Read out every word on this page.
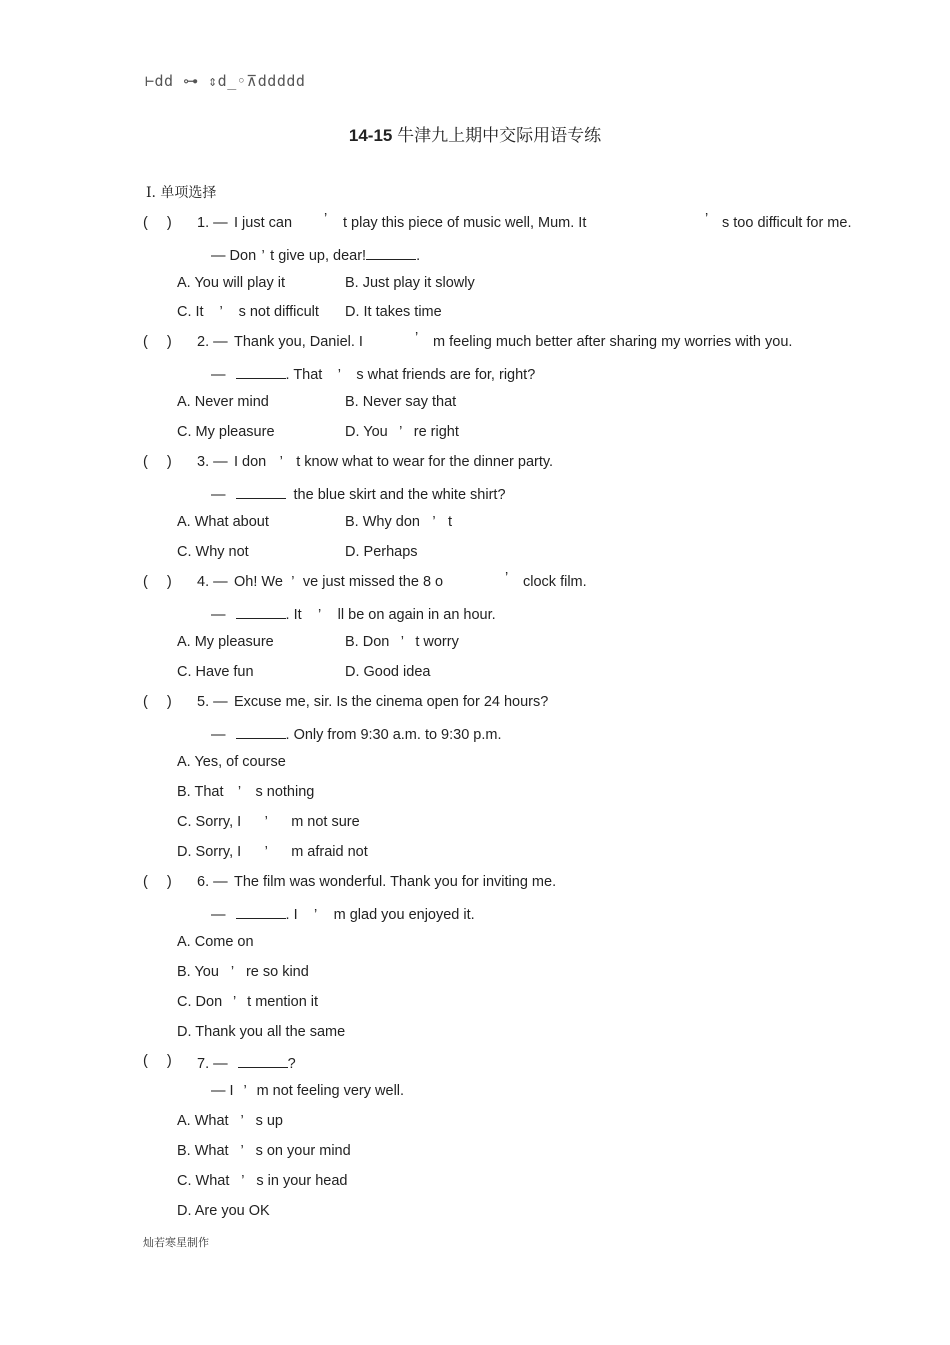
⊢dd ⊶ ⇕d_◦⊼ddddd
14-15 牛津九上期中交际用语专练
Ⅰ. 单项选择
( ) 1. — I just can ’ t play this piece of music well, Mum. It	’ s too difficult for me.
— Don ’ t give up, dear!	.
A. You will play it	B. Just play it slowly
C. It ’ s not difficult D. It takes time
( ) 2. — Thank you, Daniel. I	’ m feeling much better after sharing my worries with you.
—	. That ’ s what friends are for, right?
A. Never mind	B. Never say that
C. My pleasure	D. You ’ re right
( ) 3. — I don ’ t know what to wear for the dinner party.
—	the blue skirt and the white shirt?
A. What about	B. Why don ’ t
C. Why not	D. Perhaps
( ) 4. — Oh! We ’ ve just missed the 8 o	’ clock film.
—	. It ’ ll be on again in an hour.
A. My pleasure	B. Don ’ t worry
C. Have fun	D. Good idea
( ) 5. — Excuse me, sir. Is the cinema open for 24 hours?
—	. Only from 9:30 a.m. to 9:30 p.m.
A. Yes, of course
B. That ’ s nothing
C. Sorry, I ’ m not sure
D. Sorry, I ’ m afraid not
( ) 6. — The film was wonderful. Thank you for inviting me.
—	. I ’ m glad you enjoyed it.
A. Come on
B. You ’ re so kind
C. Don ’ t mention it
D. Thank you all the same
( ) 7. —	?
— I ’ m not feeling very well.
A. What ’ s up
B. What ’ s on your mind
C. What ’ s in your head
D. Are you OK
灿若寒星制作
